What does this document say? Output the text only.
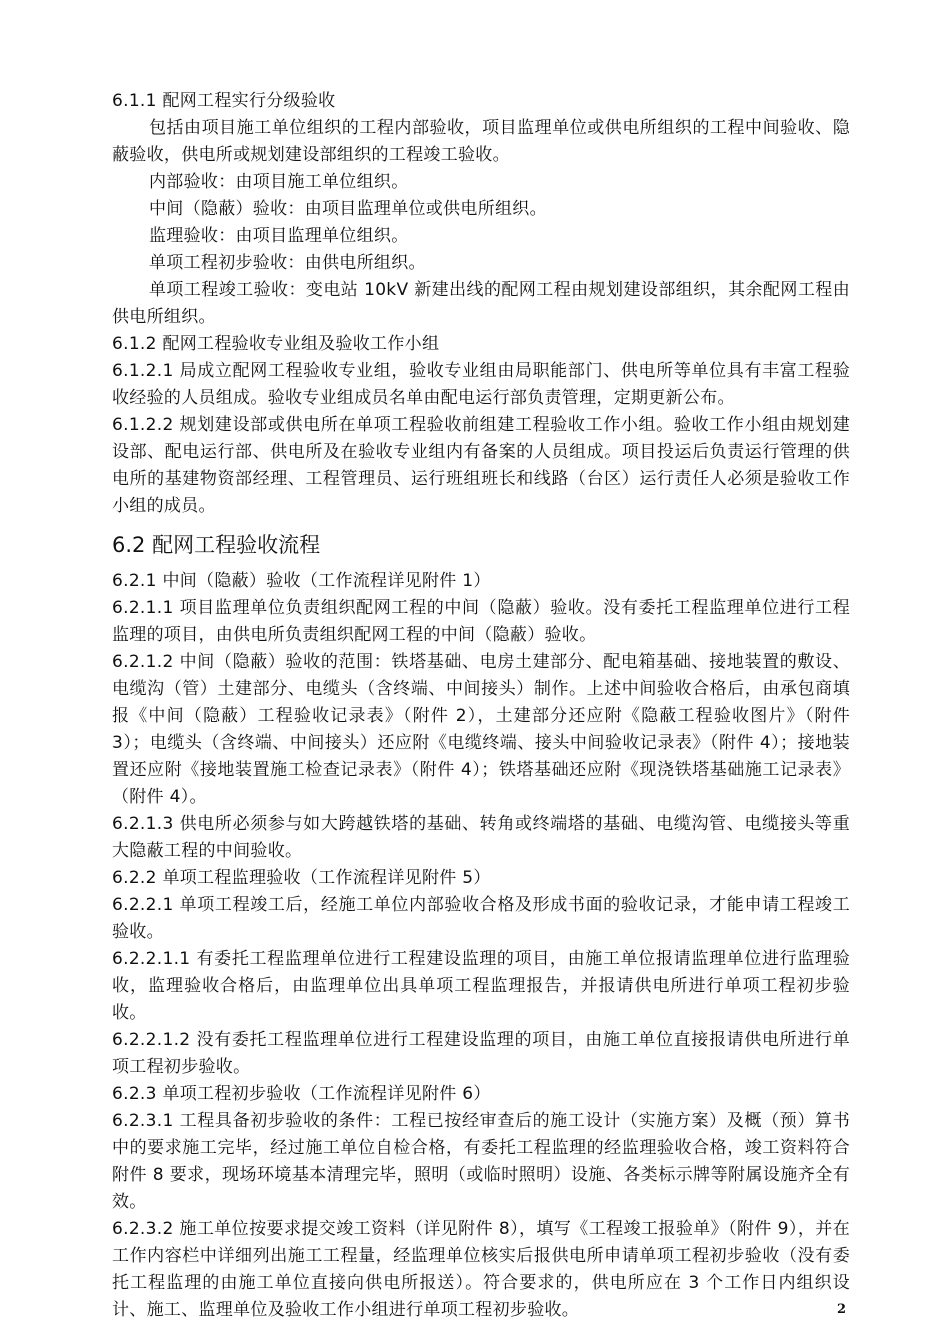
6.1.1 配网工程实行分级验收

包括由项目施工单位组织的工程内部验收，项目监理单位或供电所组织的工程中间验收、隐蔽验收，供电所或规划建设部组织的工程竣工验收。

内部验收：由项目施工单位组织。

中间（隐蔽）验收：由项目监理单位或供电所组织。

监理验收：由项目监理单位组织。

单项工程初步验收：由供电所组织。

单项工程竣工验收：变电站 10kV 新建出线的配网工程由规划建设部组织，其余配网工程由供电所组织。

6.1.2 配网工程验收专业组及验收工作小组

6.1.2.1 局成立配网工程验收专业组，验收专业组由局职能部门、供电所等单位具有丰富工程验收经验的人员组成。验收专业组成员名单由配电运行部负责管理，定期更新公布。

6.1.2.2 规划建设部或供电所在单项工程验收前组建工程验收工作小组。验收工作小组由规划建设部、配电运行部、供电所及在验收专业组内有备案的人员组成。项目投运后负责运行管理的供电所的基建物资部经理、工程管理员、运行班组班长和线路（台区）运行责任人必须是验收工作小组的成员。

6.2 配网工程验收流程

6.2.1 中间（隐蔽）验收（工作流程详见附件 1）

6.2.1.1 项目监理单位负责组织配网工程的中间（隐蔽）验收。没有委托工程监理单位进行工程监理的项目，由供电所负责组织配网工程的中间（隐蔽）验收。

6.2.1.2 中间（隐蔽）验收的范围：铁塔基础、电房土建部分、配电箱基础、接地装置的敷设、电缆沟（管）土建部分、电缆头（含终端、中间接头）制作。上述中间验收合格后，由承包商填报《中间（隐蔽）工程验收记录表》（附件 2），土建部分还应附《隐蔽工程验收图片》（附件 3）；电缆头（含终端、中间接头）还应附《电缆终端、接头中间验收记录表》（附件 4）；接地装置还应附《接地装置施工检查记录表》（附件 4）；铁塔基础还应附《现浇铁塔基础施工记录表》（附件 4）。

6.2.1.3 供电所必须参与如大跨越铁塔的基础、转角或终端塔的基础、电缆沟管、电缆接头等重大隐蔽工程的中间验收。

6.2.2 单项工程监理验收（工作流程详见附件 5）

6.2.2.1 单项工程竣工后，经施工单位内部验收合格及形成书面的验收记录，才能申请工程竣工验收。

6.2.2.1.1 有委托工程监理单位进行工程建设监理的项目，由施工单位报请监理单位进行监理验收，监理验收合格后，由监理单位出具单项工程监理报告，并报请供电所进行单项工程初步验收。

6.2.2.1.2 没有委托工程监理单位进行工程建设监理的项目，由施工单位直接报请供电所进行单项工程初步验收。

6.2.3 单项工程初步验收（工作流程详见附件 6）

6.2.3.1 工程具备初步验收的条件：工程已按经审查后的施工设计（实施方案）及概（预）算书中的要求施工完毕，经过施工单位自检合格，有委托工程监理的经监理验收合格，竣工资料符合附件 8 要求，现场环境基本清理完毕，照明（或临时照明）设施、各类标示牌等附属设施齐全有效。

6.2.3.2 施工单位按要求提交竣工资料（详见附件 8），填写《工程竣工报验单》（附件 9），并在工作内容栏中详细列出施工工程量，经监理单位核实后报供电所申请单项工程初步验收（没有委托工程监理的由施工单位直接向供电所报送）。符合要求的，供电所应在 3 个工作日内组织设计、施工、监理单位及验收工作小组进行单项工程初步验收。	2
